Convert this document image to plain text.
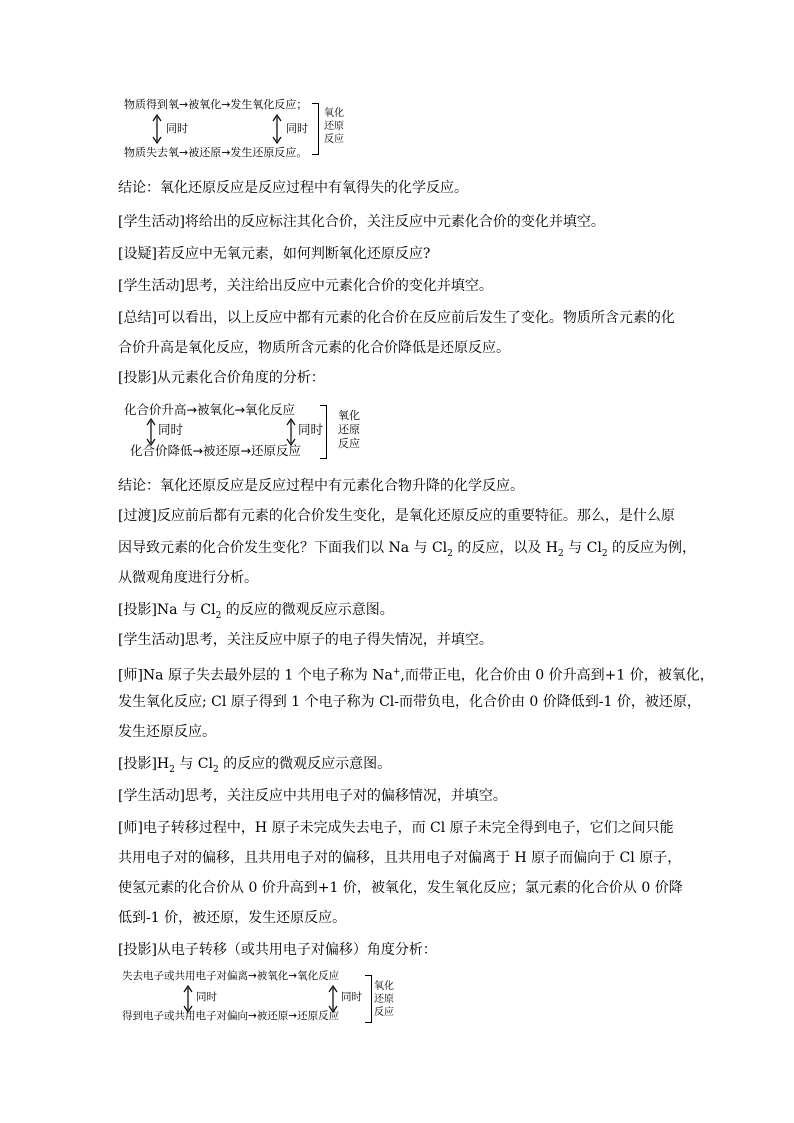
物质得到氧→被氧化→发生氧化反应；
同时	同时
物质失去氧→被还原→发生还原反应。
氧化
还原
反应
结论：氧化还原反应是反应过程中有氧得失的化学反应。
[学生活动]将给出的反应标注其化合价，关注反应中元素化合价的变化并填空。
[设疑]若反应中无氧元素，如何判断氧化还原反应?
[学生活动]思考，关注给出反应中元素化合价的变化并填空。
[总结]可以看出，以上反应中都有元素的化合价在反应前后发生了变化。物质所含元素的化
合价升高是氧化反应，物质所含元素的化合价降低是还原反应。
[投影]从元素化合价角度的分析：
化合价升高→被氧化→氧化反应
同时	同时
化合价降低→被还原→还原反应
氧化
还原
反应
结论：氧化还原反应是反应过程中有元素化合物升降的化学反应。
[过渡]反应前后都有元素的化合价发生变化，是氧化还原反应的重要特征。那么，是什么原
因导致元素的化合价发生变化？下面我们以 Na 与 $Cl_2$ 的反应，以及 $H_2$ 与 $Cl_2$ 的反应为例，
从微观角度进行分析。
[投影]Na 与 $Cl_2$ 的反应的微观反应示意图。
[学生活动]思考，关注反应中原子的电子得失情况，并填空。
[师]Na 原子失去最外层的 1 个电子称为 Na+,而带正电，化合价由 0 价升高到+1 价，被氧化，
发生氧化反应; Cl 原子得到 1 个电子称为 Cl-而带负电，化合价由 0 价降低到-1 价，被还原，
发生还原反应。
[投影]$H_2$ 与 $Cl_2$ 的反应的微观反应示意图。
[学生活动]思考，关注反应中共用电子对的偏移情况，并填空。
[师]电子转移过程中，H 原子未完成失去电子，而 Cl 原子未完全得到电子，它们之间只能
共用电子对的偏移，且共用电子对的偏移，且共用电子对偏离于 H 原子而偏向于 Cl 原子，
使氢元素的化合价从 0 价升高到+1 价，被氧化，发生氧化反应；氯元素的化合价从 0 价降
低到-1 价，被还原，发生还原反应。
[投影]从电子转移（或共用电子对偏移）角度分析：
失去电子或共用电子对偏离→被氧化→氧化反应
同时	同时
得到电子或共用电子对偏向→被还原→还原反应
氧化
还原
反应
